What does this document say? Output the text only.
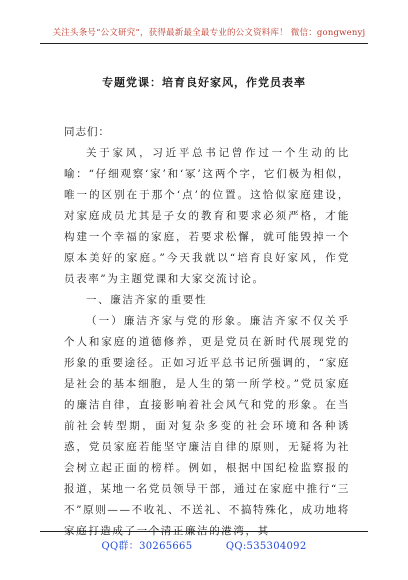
关注头条号“公文研究”，获得最新最全最专业的公文资料库！ 微信：gongwenyj
专题党课：培育良好家风，作党员表率
同志们：

关于家风，习近平总书记曾作过一个生动的比喻：“仔细观察‘家’和‘冢’这两个字，它们极为相似，唯一的区别在于那个‘点’的位置。这恰似家庭建设，对家庭成员尤其是子女的教育和要求必须严格，才能构建一个幸福的家庭，若要求松懈，就可能毁掉一个原本美好的家庭。”今天我就以“培育良好家风，作党员表率”为主题党课和大家交流讨论。

一、廉洁齐家的重要性

（一）廉洁齐家与党的形象。廉洁齐家不仅关乎个人和家庭的道德修养，更是党员在新时代展现党的形象的重要途径。正如习近平总书记所强调的，“家庭是社会的基本细胞，是人生的第一所学校。”党员家庭的廉洁自律，直接影响着社会风气和党的形象。在当前社会转型期，面对复杂多变的社会环境和各种诱惑，党员家庭若能坚守廉洁自律的原则，无疑将为社会树立起正面的榜样。例如，根据中国纪检监察报的报道，某地一名党员领导干部，通过在家庭中推行“三不”原则——不收礼、不送礼、不搞特殊化，成功地将家庭打造成了一个清正廉洁的港湾，其

QQ群：30265665	QQ:535304092
